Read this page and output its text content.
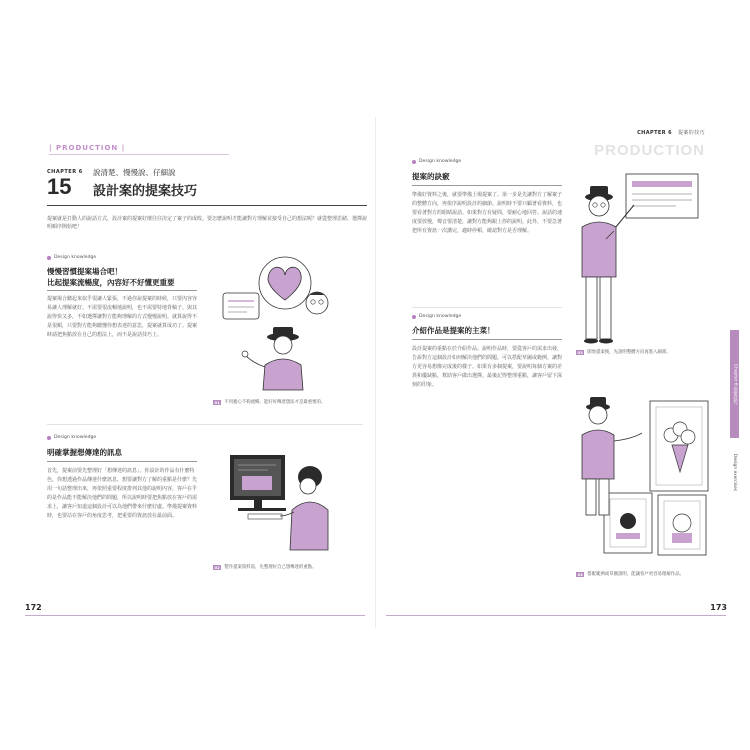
| PRODUCTION |
CHAPTER 6
15
說清楚、慢慢說、仔細說
設計案的提案技巧
提案就是打動人的說話方式，設計案的提案好壞往往決定了案子的成敗。要怎麼說明才能讓對方理解並接受自己的想法呢？就從整理思緒、選擇說明順序開始吧！
Design knowledge
慢慢習慣提案場合吧！
比起提案流暢度，內容好不好懂更重要
提案場合聽起來似乎很讓人緊張，不過你說提案的時候，只要內容容易讓人理解就好。不需要很流暢地說明，也不需要特地背稿子。與其說得快又多，不如選擇讓對方能夠理解的方式慢慢說明。就算說得不是很順，只要對方能夠聽懂你想表達的意思，提案就算成功了。提案時請把焦點放在自己的想法上，而不是說話技巧上。
01	不用擔心不夠流暢，能好好傳達想法才是最重要的。
Design knowledge
明確掌握想傳達的訊息
首先，提案前要先整理好「想傳達的訊息」。你設計的作品有什麼特色，你想透過作品傳達什麼訊息，想要讓對方了解的重點是什麼？先用一句話整理出來，再依照重要程度排列其他的說明內容。客戶在乎的是作品能不能解決他們的問題，所以說明時要把焦點放在客戶的需求上，讓客戶知道這個設計可以為他們帶來什麼好處。準備提案資料時，也要站在客戶的角度思考，把重要的資訊放在最前面。
02	製作提案資料前，先整理好自己想傳達的重點。
172
CHAPTER 6 提案的技巧
PRODUCTION
Design knowledge
提案的訣竅
準備好資料之後，就要準備上場提案了。第一步是先讓對方了解案子的整體方向，再依序說明設計的細節。說明時不要只顧著看資料，也要看著對方的眼睛說話。如果對方有疑問，要耐心地回答。說話的速度要放慢，聲音要清楚，讓對方能夠跟上你的說明。此外，不要急著把所有資訊一次講完，適時停頓，確認對方是否理解。
03	開始提案後，先說明整體方向再進入細節。
Design knowledge
介紹作品是提案的主菜！
設計提案的重點在於介紹作品。說明作品時，要從客戶的需求出發，告訴對方這個設計如何解決他們的問題。可以搭配草圖或範例，讓對方更容易想像完成後的樣子。如果有多個提案，要說明每個方案的差異和優缺點，幫助客戶做出選擇。最後記得整理重點，讓客戶留下深刻的印象。
04	搭配範例或草圖說明，能讓客戶更容易理解作品。
Chapter 6 提案技巧
Design exercises
173
